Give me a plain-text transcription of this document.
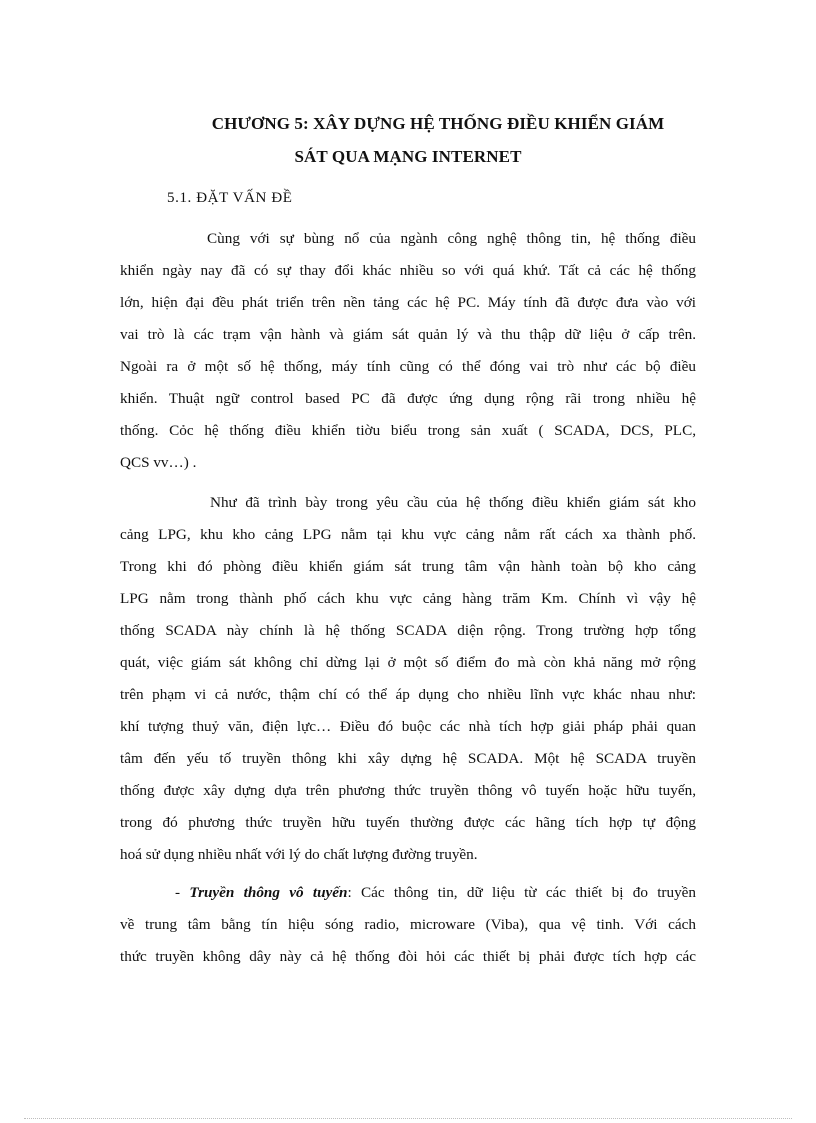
CHƯƠNG 5: XÂY DỰNG HỆ THỐNG ĐIỀU KHIỂN GIÁM
SÁT QUA MẠNG INTERNET
5.1. ĐẶT VẤN ĐỀ
Cùng với sự bùng nổ của ngành công nghệ thông tin, hệ thống điều
khiển ngày nay đã có sự thay đổi khác nhiều so với quá khứ. Tất cả các hệ thống
lớn, hiện đại đều phát triển trên nền tảng các hệ PC. Máy tính đã được đưa vào với
vai trò là các trạm vận hành và giám sát quản lý và thu thập dữ liệu ở cấp trên.
Ngoài ra ở một số hệ thống, máy tính cũng có thể đóng vai trò như các bộ điều
khiển. Thuật ngữ control based PC đã được ứng dụng rộng rãi trong nhiều hệ
thống. Cỏc hệ thống điều khiển tiờu biểu trong sản xuất ( SCADA, DCS, PLC,
QCS vv…) .
Như đã trình bày trong yêu cầu của hệ thống điều khiển giám sát kho
cảng LPG, khu kho cảng LPG nằm tại khu vực cảng nằm rất cách xa thành phố.
Trong khi đó phòng điều khiển giám sát trung tâm vận hành toàn bộ kho cảng
LPG nằm trong thành phố cách khu vực cảng hàng trăm Km. Chính vì vậy hệ
thống SCADA này chính là hệ thống SCADA diện rộng. Trong trường hợp tổng
quát, việc giám sát không chỉ dừng lại ở một số điểm đo mà còn khả năng mở rộng
trên phạm vi cả nước, thậm chí có thể áp dụng cho nhiều lĩnh vực khác nhau như:
khí tượng thuỷ văn, điện lực… Điều đó buộc các nhà tích hợp giải pháp phải quan
tâm đến yếu tố truyền thông khi xây dựng hệ SCADA. Một hệ SCADA truyền
thống được xây dựng dựa trên phương thức truyền thông vô tuyến hoặc hữu tuyến,
trong đó phương thức truyền hữu tuyến thường được các hãng tích hợp tự động
hoá sử dụng nhiều nhất với lý do chất lượng đường truyền.
- Truyền thông vô tuyến: Các thông tin, dữ liệu từ các thiết bị đo truyền
về trung tâm bằng tín hiệu sóng radio, microware (Viba), qua vệ tinh. Với cách
thức truyền không dây này cả hệ thống đòi hỏi các thiết bị phải được tích hợp các
